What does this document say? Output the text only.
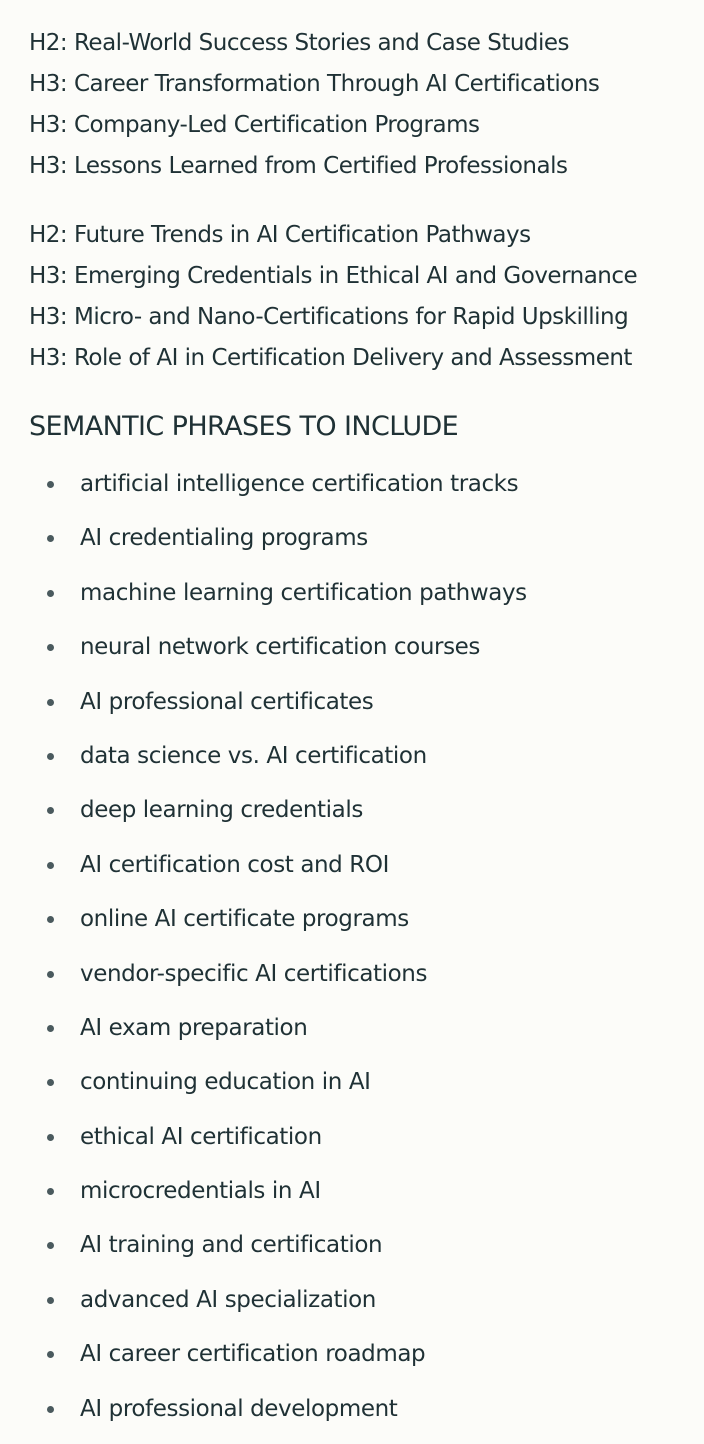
H2: Real-World Success Stories and Case Studies
H3: Career Transformation Through AI Certifications
H3: Company-Led Certification Programs
H3: Lessons Learned from Certified Professionals
H2: Future Trends in AI Certification Pathways
H3: Emerging Credentials in Ethical AI and Governance
H3: Micro- and Nano-Certifications for Rapid Upskilling
H3: Role of AI in Certification Delivery and Assessment
SEMANTIC PHRASES TO INCLUDE
artificial intelligence certification tracks
AI credentialing programs
machine learning certification pathways
neural network certification courses
AI professional certificates
data science vs. AI certification
deep learning credentials
AI certification cost and ROI
online AI certificate programs
vendor-specific AI certifications
AI exam preparation
continuing education in AI
ethical AI certification
microcredentials in AI
AI training and certification
advanced AI specialization
AI career certification roadmap
AI professional development
